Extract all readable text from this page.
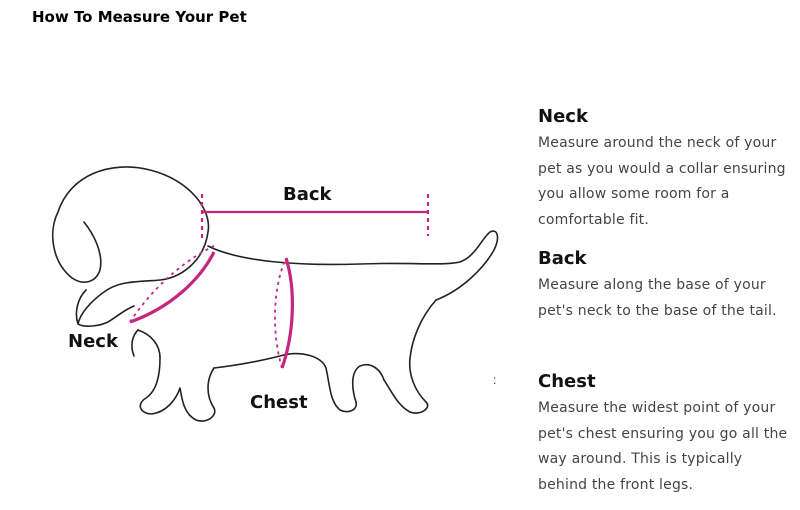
How To Measure Your Pet
Back
Neck
Chest
Neck

Measure around the neck of your pet as you would a collar ensuring you allow some room for a comfortable fit.

Back

Measure along the base of your pet's neck to the base of the tail.

Chest

Measure the widest point of your pet's chest ensuring you go all the way around. This is typically behind the front legs.

:
